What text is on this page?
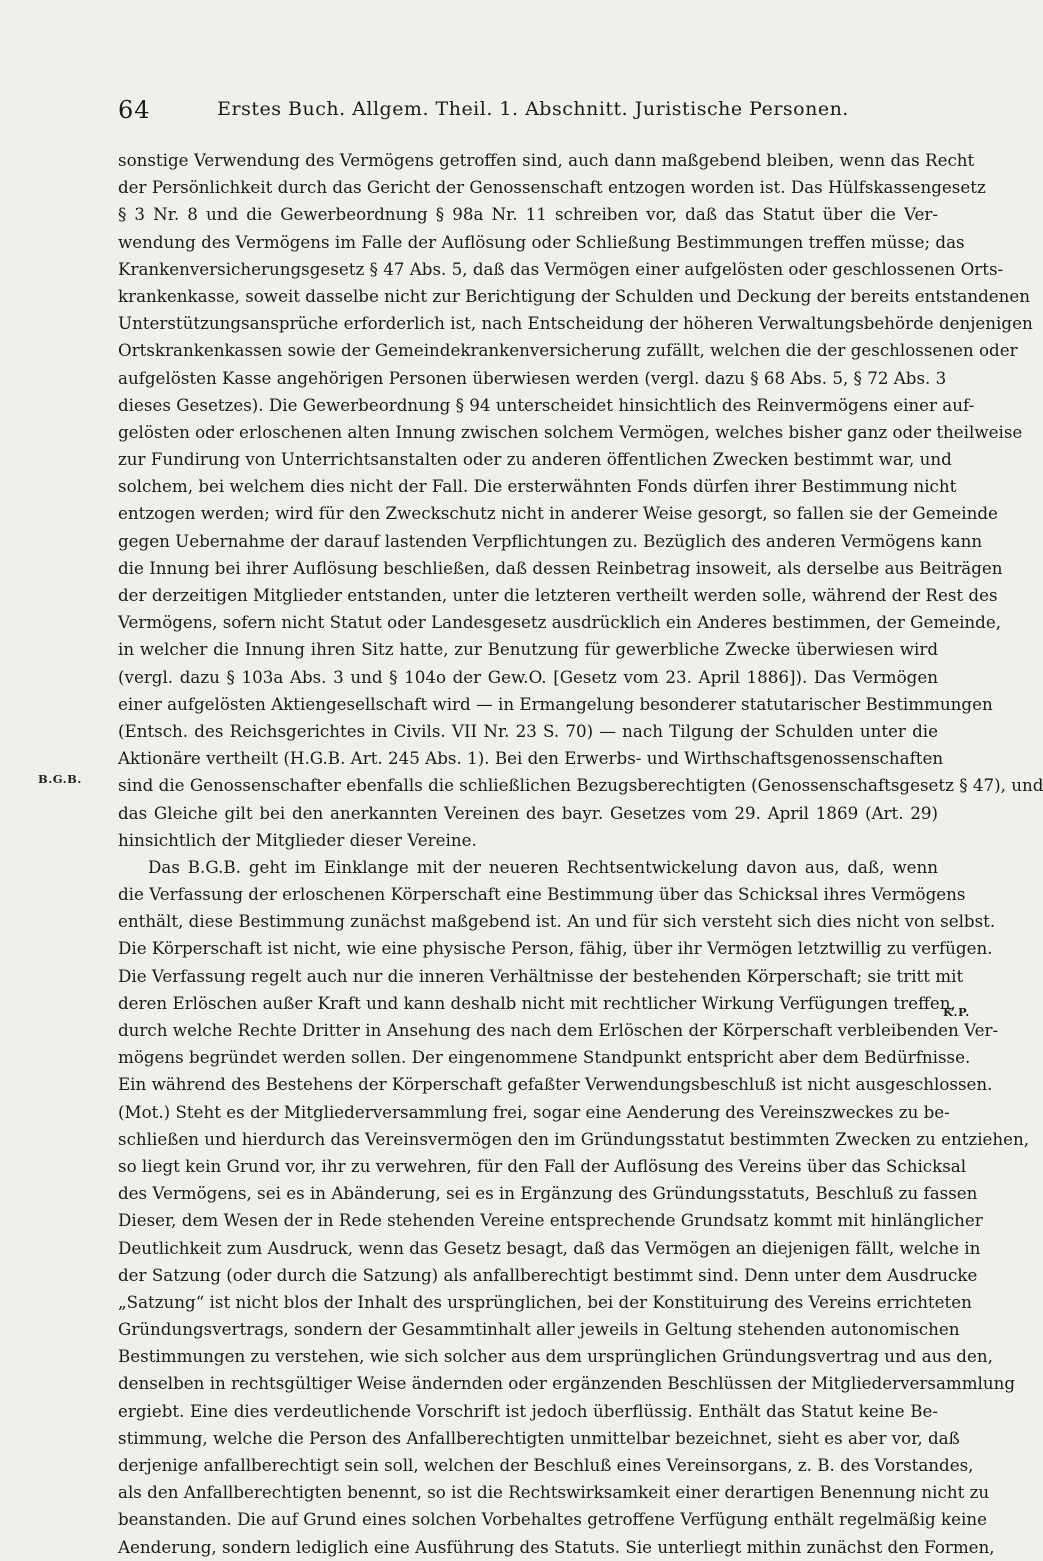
64	Erstes Buch. Allgem. Theil. 1. Abschnitt. Juristische Personen.
B.G.B.
K.P.
sonstige Verwendung des Vermögens getroffen sind, auch dann maßgebend bleiben, wenn das Recht
der Persönlichkeit durch das Gericht der Genossenschaft entzogen worden ist. Das Hülfskassengesetz
§ 3 Nr. 8 und die Gewerbeordnung § 98a Nr. 11 schreiben vor, daß das Statut über die Ver-
wendung des Vermögens im Falle der Auflösung oder Schließung Bestimmungen treffen müsse; das
Krankenversicherungsgesetz § 47 Abs. 5, daß das Vermögen einer aufgelösten oder geschlossenen Orts-
krankenkasse, soweit dasselbe nicht zur Berichtigung der Schulden und Deckung der bereits entstandenen
Unterstützungsansprüche erforderlich ist, nach Entscheidung der höheren Verwaltungsbehörde denjenigen
Ortskrankenkassen sowie der Gemeindekrankenversicherung zufällt, welchen die der geschlossenen oder
aufgelösten Kasse angehörigen Personen überwiesen werden (vergl. dazu § 68 Abs. 5, § 72 Abs. 3
dieses Gesetzes). Die Gewerbeordnung § 94 unterscheidet hinsichtlich des Reinvermögens einer auf-
gelösten oder erloschenen alten Innung zwischen solchem Vermögen, welches bisher ganz oder theilweise
zur Fundirung von Unterrichtsanstalten oder zu anderen öffentlichen Zwecken bestimmt war, und
solchem, bei welchem dies nicht der Fall. Die ersterwähnten Fonds dürfen ihrer Bestimmung nicht
entzogen werden; wird für den Zweckschutz nicht in anderer Weise gesorgt, so fallen sie der Gemeinde
gegen Uebernahme der darauf lastenden Verpflichtungen zu. Bezüglich des anderen Vermögens kann
die Innung bei ihrer Auflösung beschließen, daß dessen Reinbetrag insoweit, als derselbe aus Beiträgen
der derzeitigen Mitglieder entstanden, unter die letzteren vertheilt werden solle, während der Rest des
Vermögens, sofern nicht Statut oder Landesgesetz ausdrücklich ein Anderes bestimmen, der Gemeinde,
in welcher die Innung ihren Sitz hatte, zur Benutzung für gewerbliche Zwecke überwiesen wird
(vergl. dazu § 103a Abs. 3 und § 104o der Gew.O. [Gesetz vom 23. April 1886]). Das Vermögen
einer aufgelösten Aktiengesellschaft wird — in Ermangelung besonderer statutarischer Bestimmungen
(Entsch. des Reichsgerichtes in Civils. VII Nr. 23 S. 70) — nach Tilgung der Schulden unter die
Aktionäre vertheilt (H.G.B. Art. 245 Abs. 1). Bei den Erwerbs- und Wirthschaftsgenossenschaften
sind die Genossenschafter ebenfalls die schließlichen Bezugsberechtigten (Genossenschaftsgesetz § 47), und
das Gleiche gilt bei den anerkannten Vereinen des bayr. Gesetzes vom 29. April 1869 (Art. 29)
hinsichtlich der Mitglieder dieser Vereine.
Das B.G.B. geht im Einklange mit der neueren Rechtsentwickelung davon aus, daß, wenn
die Verfassung der erloschenen Körperschaft eine Bestimmung über das Schicksal ihres Vermögens
enthält, diese Bestimmung zunächst maßgebend ist. An und für sich versteht sich dies nicht von selbst.
Die Körperschaft ist nicht, wie eine physische Person, fähig, über ihr Vermögen letztwillig zu verfügen.
Die Verfassung regelt auch nur die inneren Verhältnisse der bestehenden Körperschaft; sie tritt mit
deren Erlöschen außer Kraft und kann deshalb nicht mit rechtlicher Wirkung Verfügungen treffen,
durch welche Rechte Dritter in Ansehung des nach dem Erlöschen der Körperschaft verbleibenden Ver-
mögens begründet werden sollen. Der eingenommene Standpunkt entspricht aber dem Bedürfnisse.
Ein während des Bestehens der Körperschaft gefaßter Verwendungsbeschluß ist nicht ausgeschlossen.
(Mot.) Steht es der Mitgliederversammlung frei, sogar eine Aenderung des Vereinszweckes zu be-
schließen und hierdurch das Vereinsvermögen den im Gründungsstatut bestimmten Zwecken zu entziehen,
so liegt kein Grund vor, ihr zu verwehren, für den Fall der Auflösung des Vereins über das Schicksal
des Vermögens, sei es in Abänderung, sei es in Ergänzung des Gründungsstatuts, Beschluß zu fassen
Dieser, dem Wesen der in Rede stehenden Vereine entsprechende Grundsatz kommt mit hinlänglicher
Deutlichkeit zum Ausdruck, wenn das Gesetz besagt, daß das Vermögen an diejenigen fällt, welche in
der Satzung (oder durch die Satzung) als anfallberechtigt bestimmt sind. Denn unter dem Ausdrucke
„Satzung“ ist nicht blos der Inhalt des ursprünglichen, bei der Konstituirung des Vereins errichteten
Gründungsvertrags, sondern der Gesammtinhalt aller jeweils in Geltung stehenden autonomischen
Bestimmungen zu verstehen, wie sich solcher aus dem ursprünglichen Gründungsvertrag und aus den,
denselben in rechtsgültiger Weise ändernden oder ergänzenden Beschlüssen der Mitgliederversammlung
ergiebt. Eine dies verdeutlichende Vorschrift ist jedoch überflüssig. Enthält das Statut keine Be-
stimmung, welche die Person des Anfallberechtigten unmittelbar bezeichnet, sieht es aber vor, daß
derjenige anfallberechtigt sein soll, welchen der Beschluß eines Vereinsorgans, z. B. des Vorstandes,
als den Anfallberechtigten benennt, so ist die Rechtswirksamkeit einer derartigen Benennung nicht zu
beanstanden. Die auf Grund eines solchen Vorbehaltes getroffene Verfügung enthält regelmäßig keine
Aenderung, sondern lediglich eine Ausführung des Statuts. Sie unterliegt mithin zunächst den Formen,
